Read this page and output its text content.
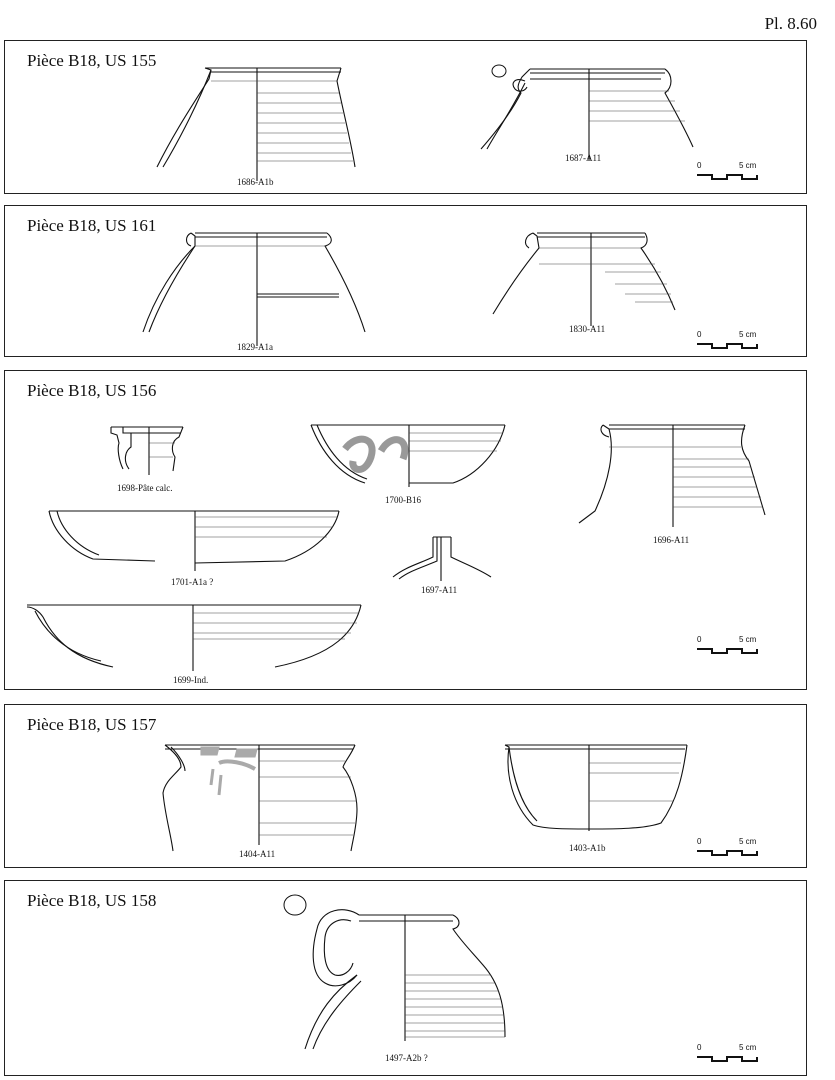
Pl. 8.60
Pièce B18, US 155
1686-A1b
1687-A11
0	5 cm
Pièce B18, US 161
1829-A1a
1830-A11
0	5 cm
Pièce B18, US 156
1698-Pâte calc.
1700-B16
1696-A11
1701-A1a ?
1697-A11
1699-Ind.
0	5 cm
Pièce B18, US 157
1404-A11
1403-A1b
0	5 cm
Pièce B18, US 158
1497-A2b ?
0	5 cm
